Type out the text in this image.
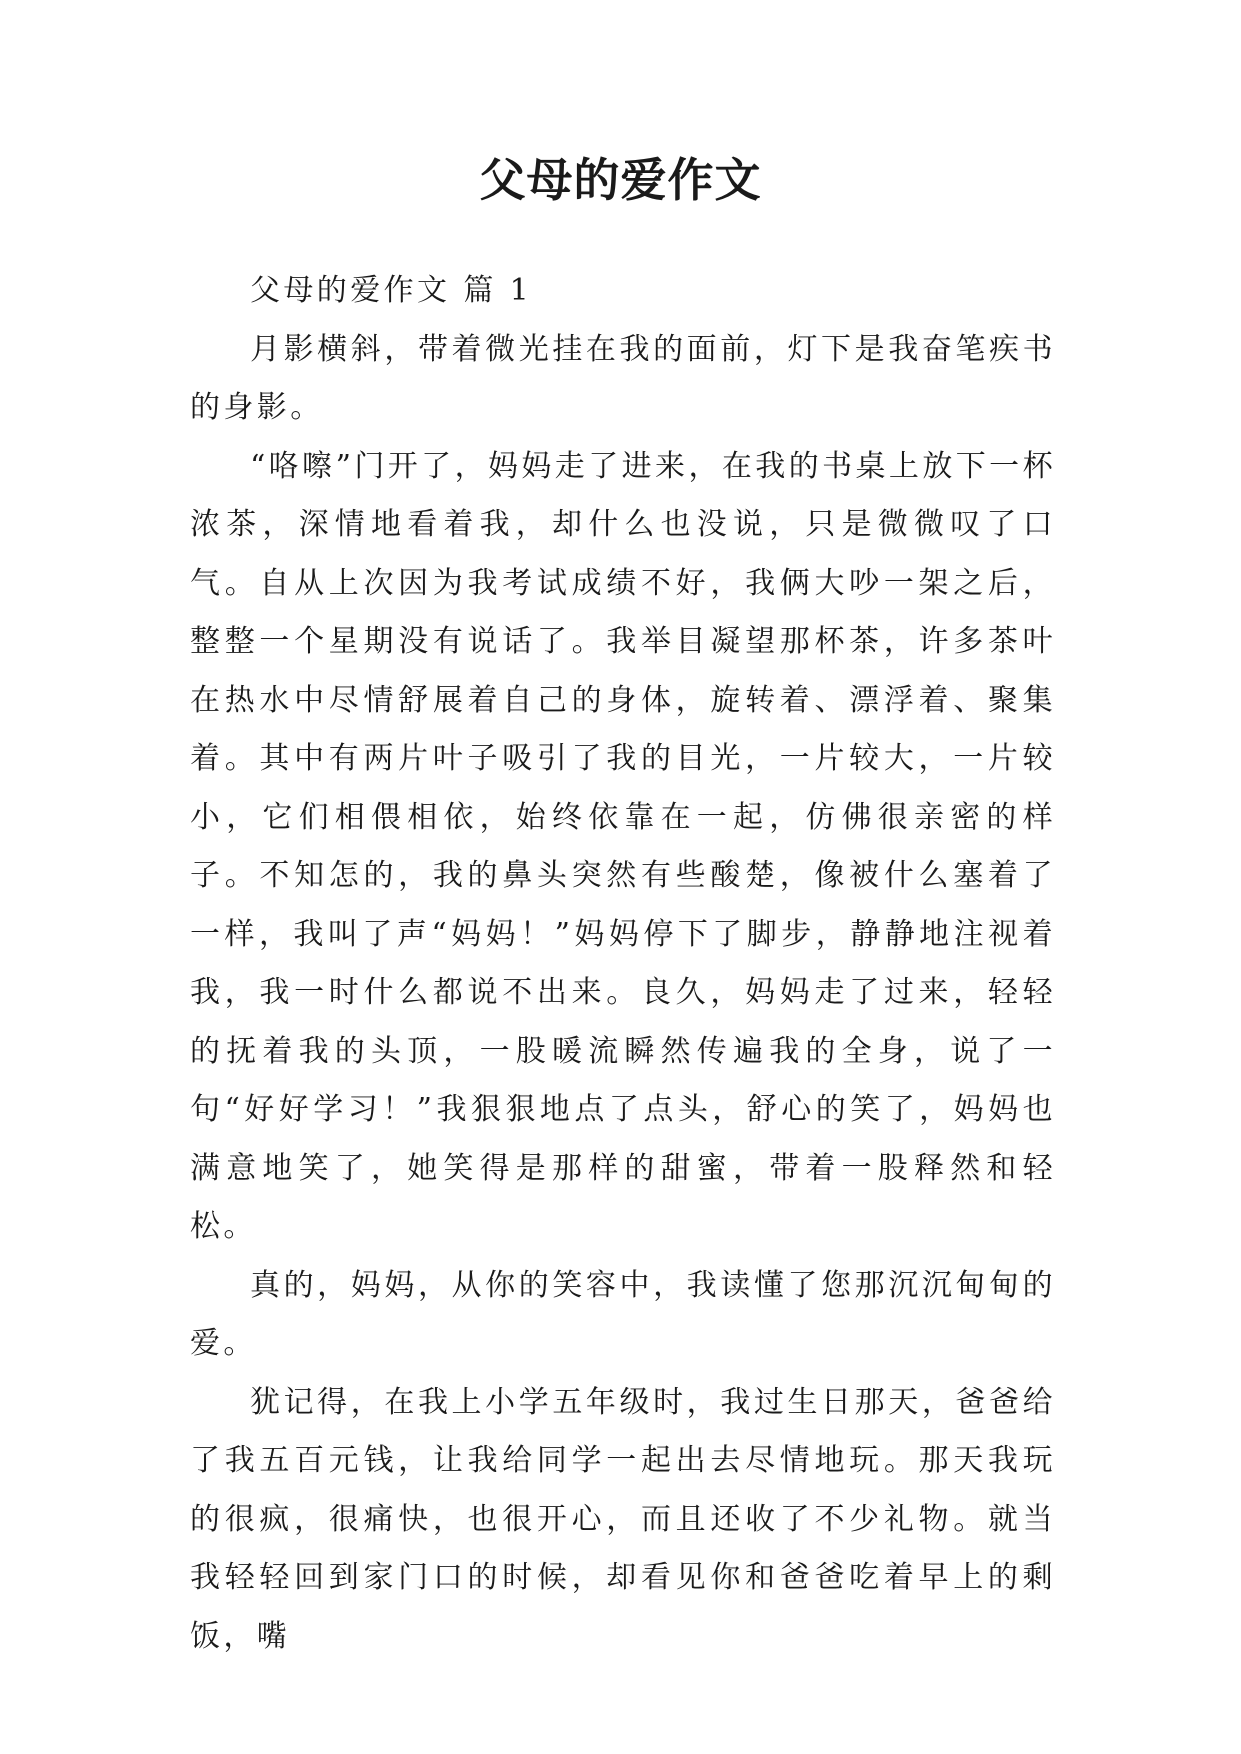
父母的爱作文

父母的爱作文 篇 1

月影横斜，带着微光挂在我的面前，灯下是我奋笔疾书的身影。

“咯嚓”门开了，妈妈走了进来，在我的书桌上放下一杯浓茶，深情地看着我，却什么也没说，只是微微叹了口气。自从上次因为我考试成绩不好，我俩大吵一架之后，整整一个星期没有说话了。我举目凝望那杯茶，许多茶叶在热水中尽情舒展着自己的身体，旋转着、漂浮着、聚集着。其中有两片叶子吸引了我的目光，一片较大，一片较小，它们相偎相依，始终依靠在一起，仿佛很亲密的样子。不知怎的，我的鼻头突然有些酸楚，像被什么塞着了一样，我叫了声“妈妈！”妈妈停下了脚步，静静地注视着我，我一时什么都说不出来。良久，妈妈走了过来，轻轻的抚着我的头顶，一股暖流瞬然传遍我的全身，说了一句“好好学习！”我狠狠地点了点头，舒心的笑了，妈妈也满意地笑了，她笑得是那样的甜蜜，带着一股释然和轻松。

真的，妈妈，从你的笑容中，我读懂了您那沉沉甸甸的爱。

犹记得，在我上小学五年级时，我过生日那天，爸爸给了我五百元钱，让我给同学一起出去尽情地玩。那天我玩的很疯，很痛快，也很开心，而且还收了不少礼物。就当我轻轻回到家门口的时候，却看见你和爸爸吃着早上的剩饭，嘴
